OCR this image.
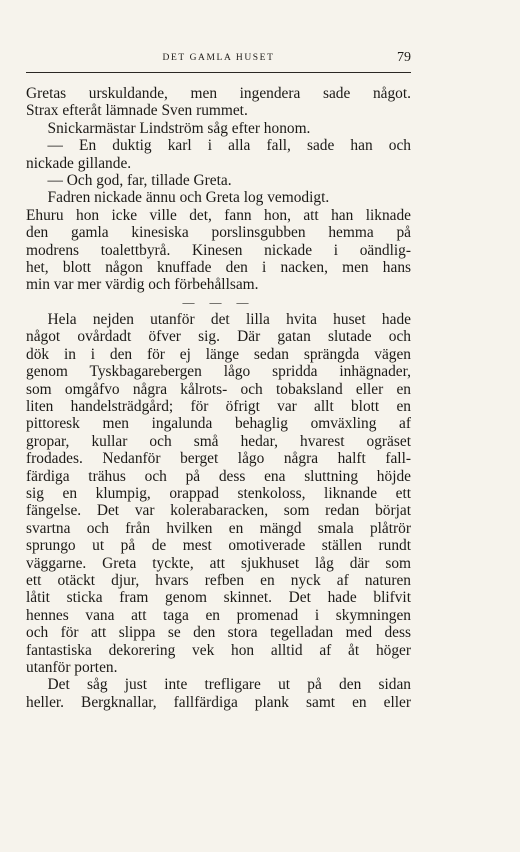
DET GAMLA HUSET	79
Gretas urskuldande, men ingendera sade något.
Strax efteråt lämnade Sven rummet.
Snickarmästar Lindström såg efter honom.
— En duktig karl i alla fall, sade han och
nickade gillande.
— Och god, far, tillade Greta.
Fadren nickade ännu och Greta log vemodigt.
Ehuru hon icke ville det, fann hon, att han liknade
den gamla kinesiska porslinsgubben hemma på
modrens toalettbyrå. Kinesen nickade i oändlig-
het, blott någon knuffade den i nacken, men hans
min var mer värdig och förbehållsam.
— — —
Hela nejden utanför det lilla hvita huset hade
något ovårdadt öfver sig. Där gatan slutade och
dök in i den för ej länge sedan sprängda vägen
genom Tyskbagarebergen lågo spridda inhägnader,
som omgåfvo några kålrots- och tobaksland eller en
liten handelsträdgård; för öfrigt var allt blott en
pittoresk men ingalunda behaglig omväxling af
gropar, kullar och små hedar, hvarest ogräset
frodades. Nedanför berget lågo några halft fall-
färdiga trähus och på dess ena sluttning höjde
sig en klumpig, orappad stenkoloss, liknande ett
fängelse. Det var kolerabaracken, som redan börjat
svartna och från hvilken en mängd smala plåtrör
sprungo ut på de mest omotiverade ställen rundt
väggarne. Greta tyckte, att sjukhuset låg där som
ett otäckt djur, hvars refben en nyck af naturen
låtit sticka fram genom skinnet. Det hade blifvit
hennes vana att taga en promenad i skymningen
och för att slippa se den stora tegelladan med dess
fantastiska dekorering vek hon alltid af åt höger
utanför porten.
Det såg just inte trefligare ut på den sidan
heller. Bergknallar, fallfärdiga plank samt en eller
